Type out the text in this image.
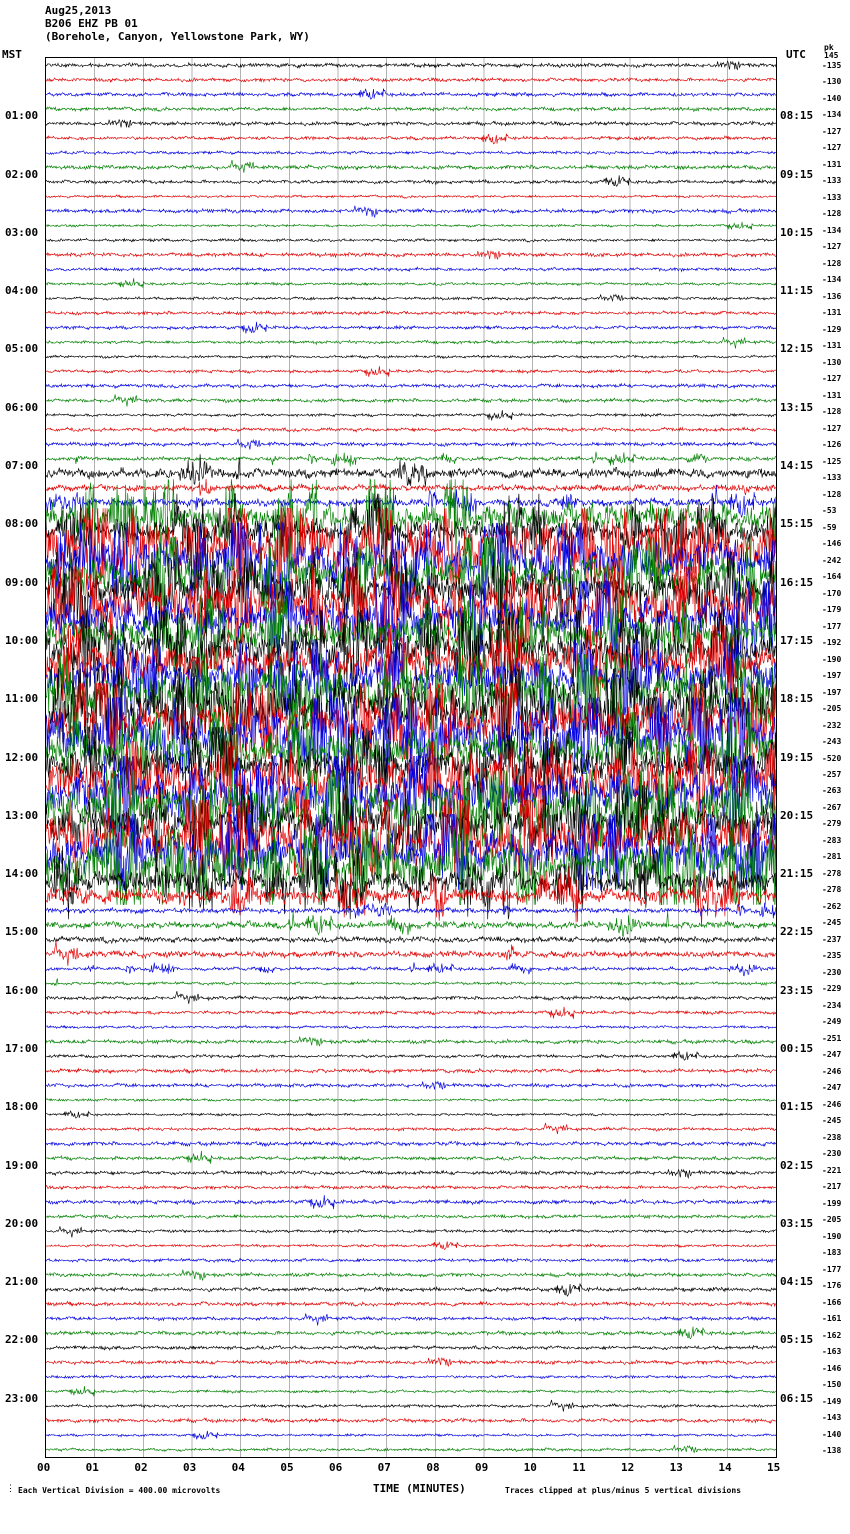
Aug25,2013
B206 EHZ PB 01
(Borehole, Canyon, Yellowstone Park, WY)
MST	UTC
pk
145
01:00
02:00
03:00
04:00
05:00
06:00
07:00
08:00
09:00
10:00
11:00
12:00
13:00
14:00
15:00
16:00
17:00
18:00
19:00
20:00
21:00
22:00
23:00
08:15
09:15
10:15
11:15
12:15
13:15
14:15
15:15
16:15
17:15
18:15
19:15
20:15
21:15
22:15
23:15
00:15
01:15
02:15
03:15
04:15
05:15
06:15
-135
-130
-140
-134
-127
-127
-131
-133
-133
-128
-134
-127
-128
-134
-136
-131
-129
-131
-130
-127
-131
-128
-127
-126
-125
-133
-128
-53
-59
-146
-242
-164
-170
-179
-177
-192
-190
-197
-197
-205
-232
-243
-520
-257
-263
-267
-279
-283
-281
-278
-278
-262
-245
-237
-235
-230
-229
-234
-249
-251
-247
-246
-247
-246
-245
-238
-230
-221
-217
-199
-205
-190
-183
-177
-176
-166
-161
-162
-163
-146
-150
-149
-143
-140
-138
00	01	02	03	04	05	06	07	08	09	10	11	12	13	14	15
⋮ Each Vertical Division = 400.00 microvolts	TIME (MINUTES)	Traces clipped at plus/minus 5 vertical divisions
